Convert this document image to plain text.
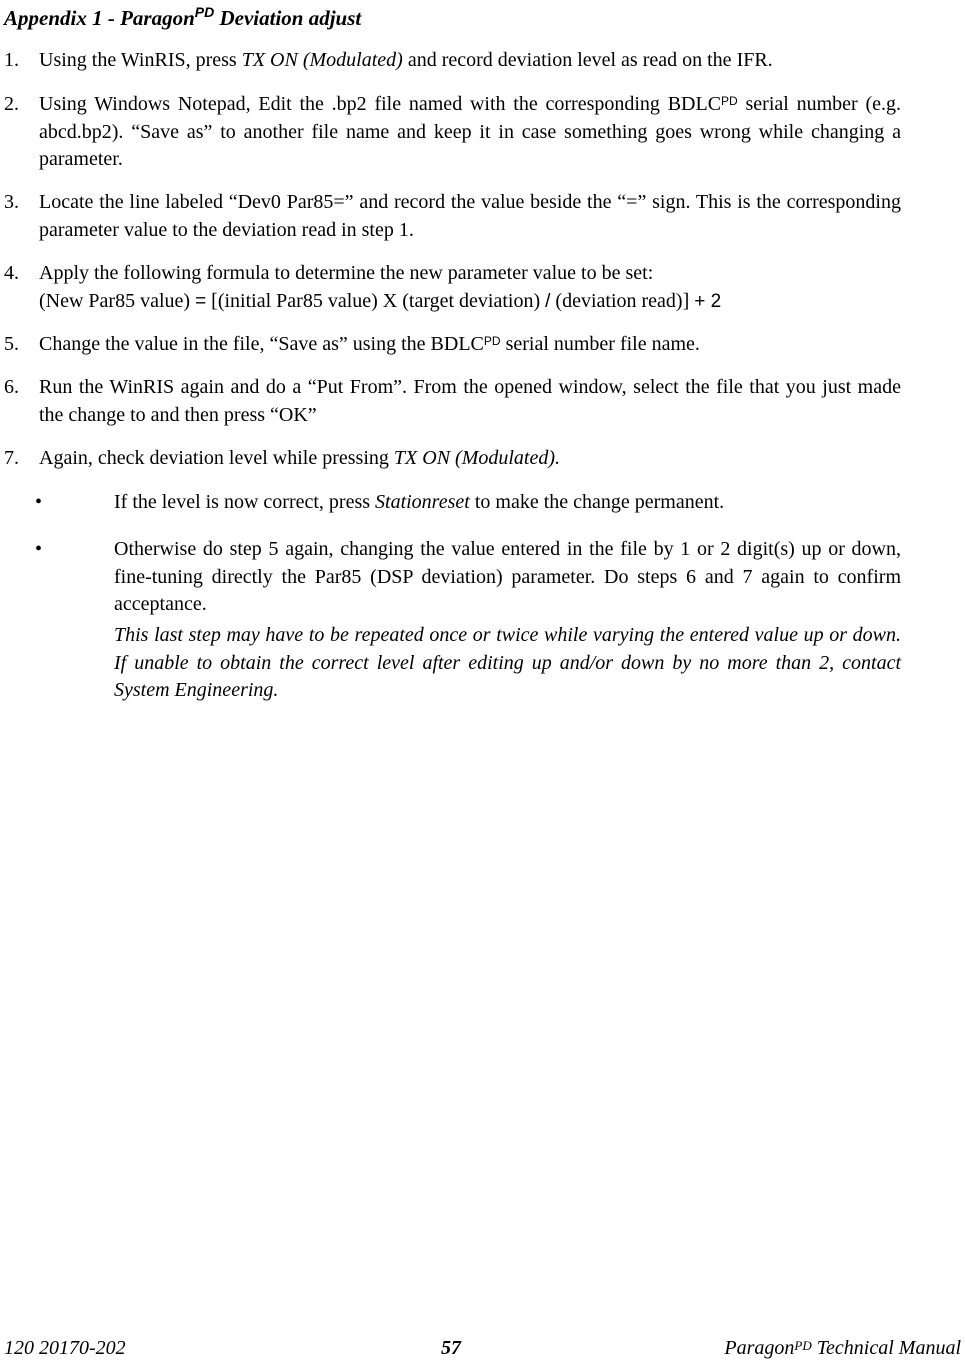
Appendix 1 - Paragon$^{PD}$ Deviation adjust
1.	Using the WinRIS, press TX ON (Modulated) and record deviation level as read on the IFR.
2.	Using Windows Notepad, Edit the .bp2 file named with the corresponding $BDLC^{PD}$ serial number (e.g. abcd.bp2). “Save as” to another file name and keep it in case something goes wrong while changing a parameter.
3.	Locate the line labeled “Dev0 Par85=” and record the value beside the “=” sign. This is the corresponding parameter value to the deviation read in step 1.
4.	Apply the following formula to determine the new parameter value to be set:
(New Par85 value) = [(initial Par85 value) X (target deviation) / (deviation read)] + 2
5.	Change the value in the file, “Save as” using the $BDLC^{PD}$ serial number file name.
6.	Run the WinRIS again and do a “Put From”. From the opened window, select the file that you just made the change to and then press “OK”
7.	Again, check deviation level while pressing TX ON (Modulated).
•	If the level is now correct, press Stationreset to make the change permanent.
•	Otherwise do step 5 again, changing the value entered in the file by 1 or 2 digit(s) up or down, fine-tuning directly the Par85 (DSP deviation) parameter. Do steps 6 and 7 again to confirm acceptance.
This last step may have to be repeated once or twice while varying the entered value up or down. If unable to obtain the correct level after editing up and/or down by no more than 2, contact System Engineering.
120 20170-202	57	Paragon$^{PD}$ Technical Manual
